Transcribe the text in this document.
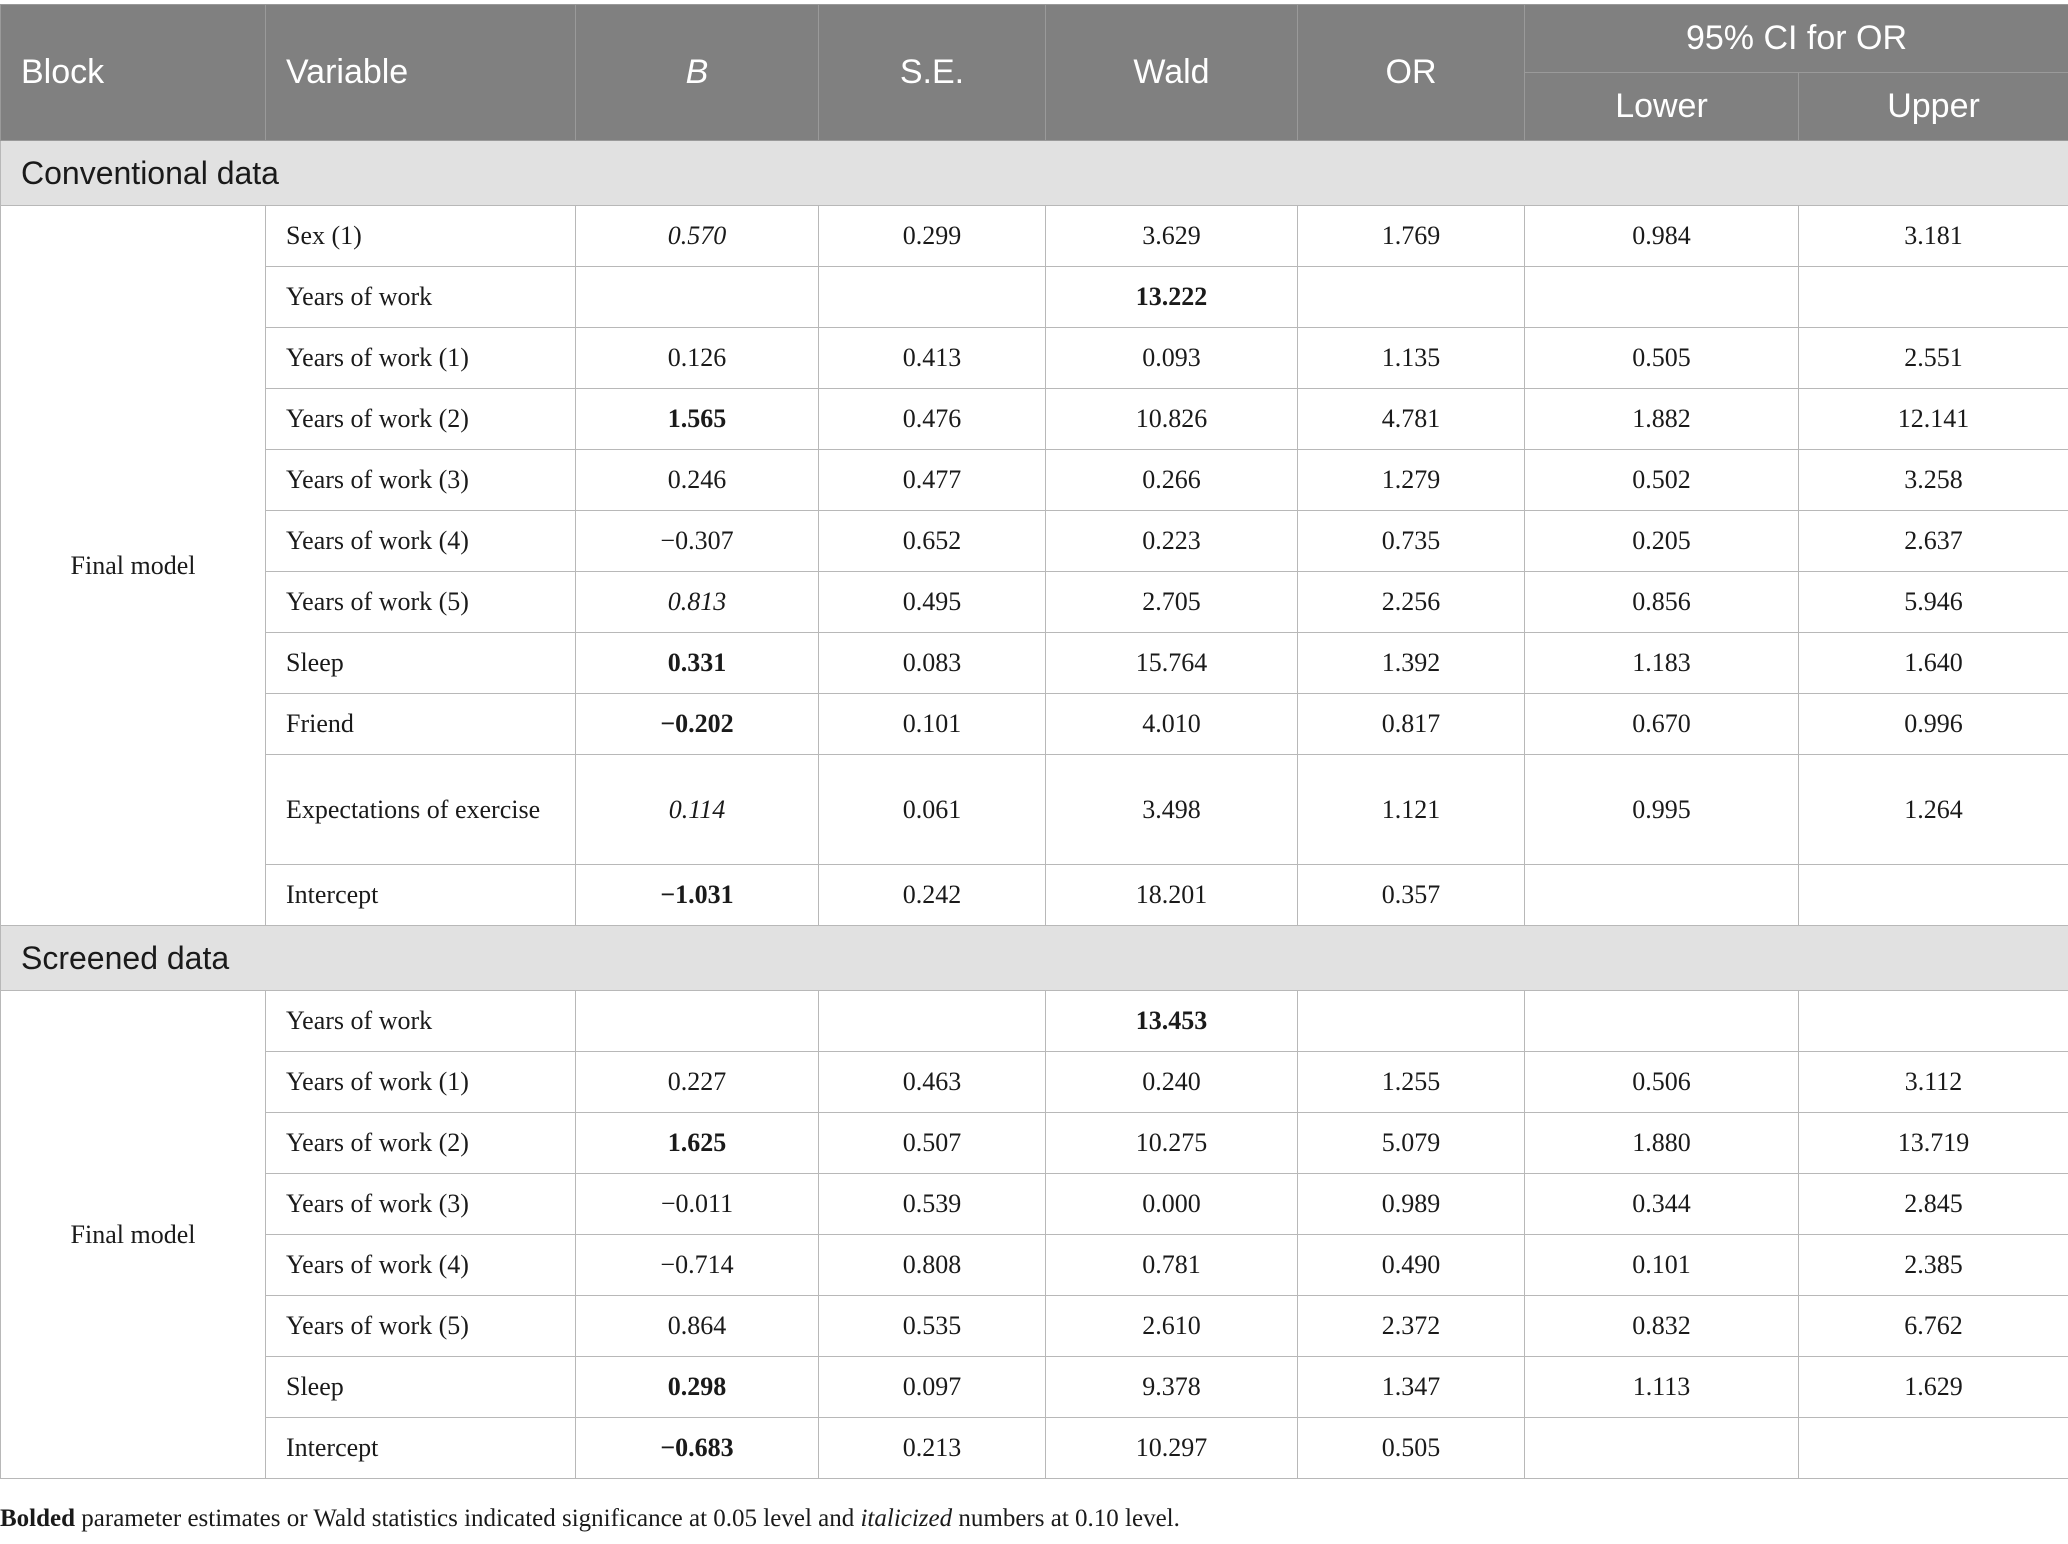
Block	Variable	B	S.E.	Wald	OR	95% CI for OR	
						Lower	Upper
Conventional data							
Final model	Sex (1)	0.570	0.299	3.629	1.769	0.984	3.181
	Years of work			13.222			
	Years of work (1)	0.126	0.413	0.093	1.135	0.505	2.551
	Years of work (2)	1.565	0.476	10.826	4.781	1.882	12.141
	Years of work (3)	0.246	0.477	0.266	1.279	0.502	3.258
	Years of work (4)	−0.307	0.652	0.223	0.735	0.205	2.637
	Years of work (5)	0.813	0.495	2.705	2.256	0.856	5.946
	Sleep	0.331	0.083	15.764	1.392	1.183	1.640
	Friend	−0.202	0.101	4.010	0.817	0.670	0.996
	Expectations of exercise	0.114	0.061	3.498	1.121	0.995	1.264
	Intercept	−1.031	0.242	18.201	0.357		
Screened data							
Final model	Years of work			13.453			
	Years of work (1)	0.227	0.463	0.240	1.255	0.506	3.112
	Years of work (2)	1.625	0.507	10.275	5.079	1.880	13.719
	Years of work (3)	−0.011	0.539	0.000	0.989	0.344	2.845
	Years of work (4)	−0.714	0.808	0.781	0.490	0.101	2.385
	Years of work (5)	0.864	0.535	2.610	2.372	0.832	6.762
	Sleep	0.298	0.097	9.378	1.347	1.113	1.629
	Intercept	−0.683	0.213	10.297	0.505		
Bolded parameter estimates or Wald statistics indicated significance at 0.05 level and italicized numbers at 0.10 level.
